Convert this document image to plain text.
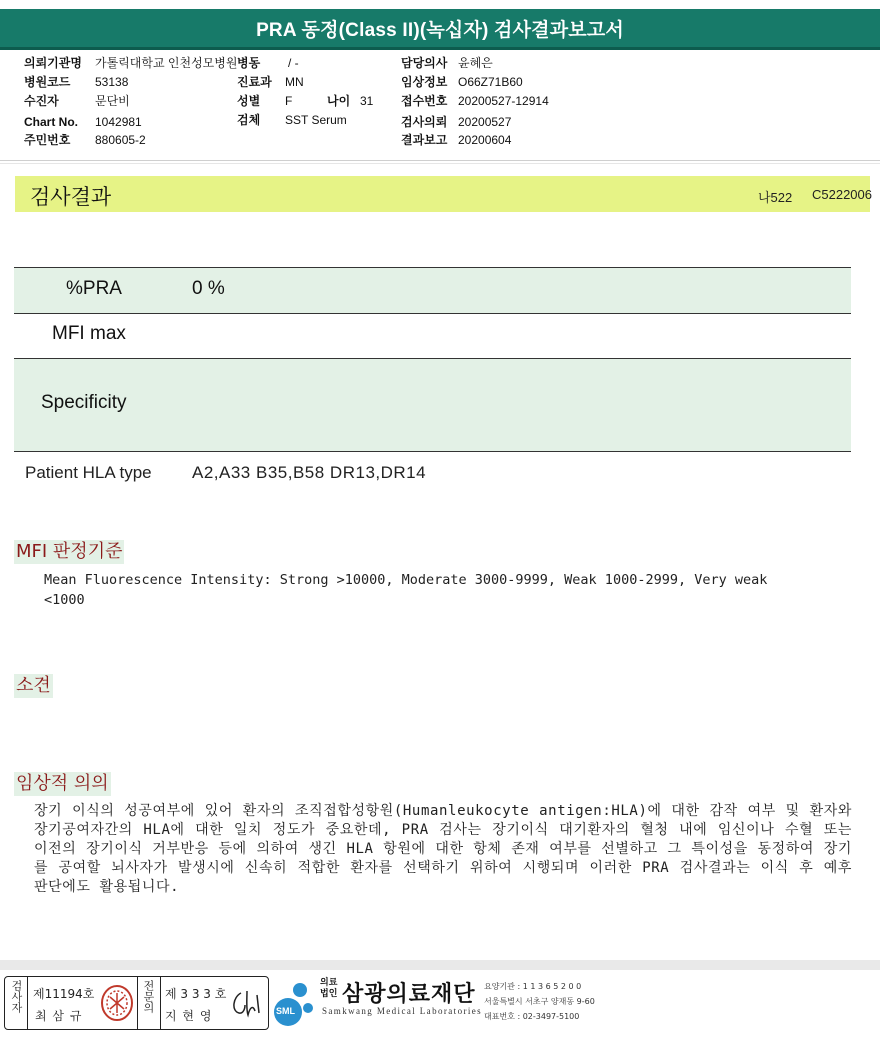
PRA 동정(Class II)(녹십자) 검사결과보고서
의뢰기관명 가톨릭대학교 인천성모병원
병원코드 53138
수진자	문단비
Chart No. 1042981
주민번호 880605-2
병동 / -
진료과 MN
성별 F	나이 31
검체 SST Serum
담당의사 윤혜은
임상정보 O66Z71B60
접수번호 20200527-12914
검사의뢰 20200527
결과보고 20200604
검사결과	나522 C5222006
%PRA	0 %
MFI max
Specificity
Patient HLA type A2,A33 B35,B58 DR13,DR14
MFI 판정기준
Mean Fluorescence Intensity: Strong >10000, Moderate 3000-9999, Weak 1000-2999, Very weak
<1000
소견
임상적 의의
장기 이식의 성공여부에 있어 환자의 조직접합성항원(Humanleukocyte antigen:HLA)에 대한 감작 여부 및 환자와 장기공여자간의 HLA에 대한 일치 정도가 중요한데, PRA 검사는 장기이식 대기환자의 혈청 내에 임신이나 수혈 또는 이전의 장기이식 거부반응 등에 의하여 생긴 HLA 항원에 대한 항체 존재 여부를 선별하고 그 특이성을 동정하여 장기를 공여할 뇌사자가 발생시에 신속히 적합한 환자를 선택하기 위하여 시행되며 이러한 PRA 검사결과는 이식 후 예후 판단에도 활용됩니다.
검사자 제11194호
최 삼 규
전문의 제 3 3 3 호
지 현 영	SML
의료법인 삼광의료재단
Samkwang Medical Laboratories
요양기관 : 1 1 3 6 5 2 0 0
서울특별시 서초구 양재동 9-60
대표번호 : 02-3497-5100
